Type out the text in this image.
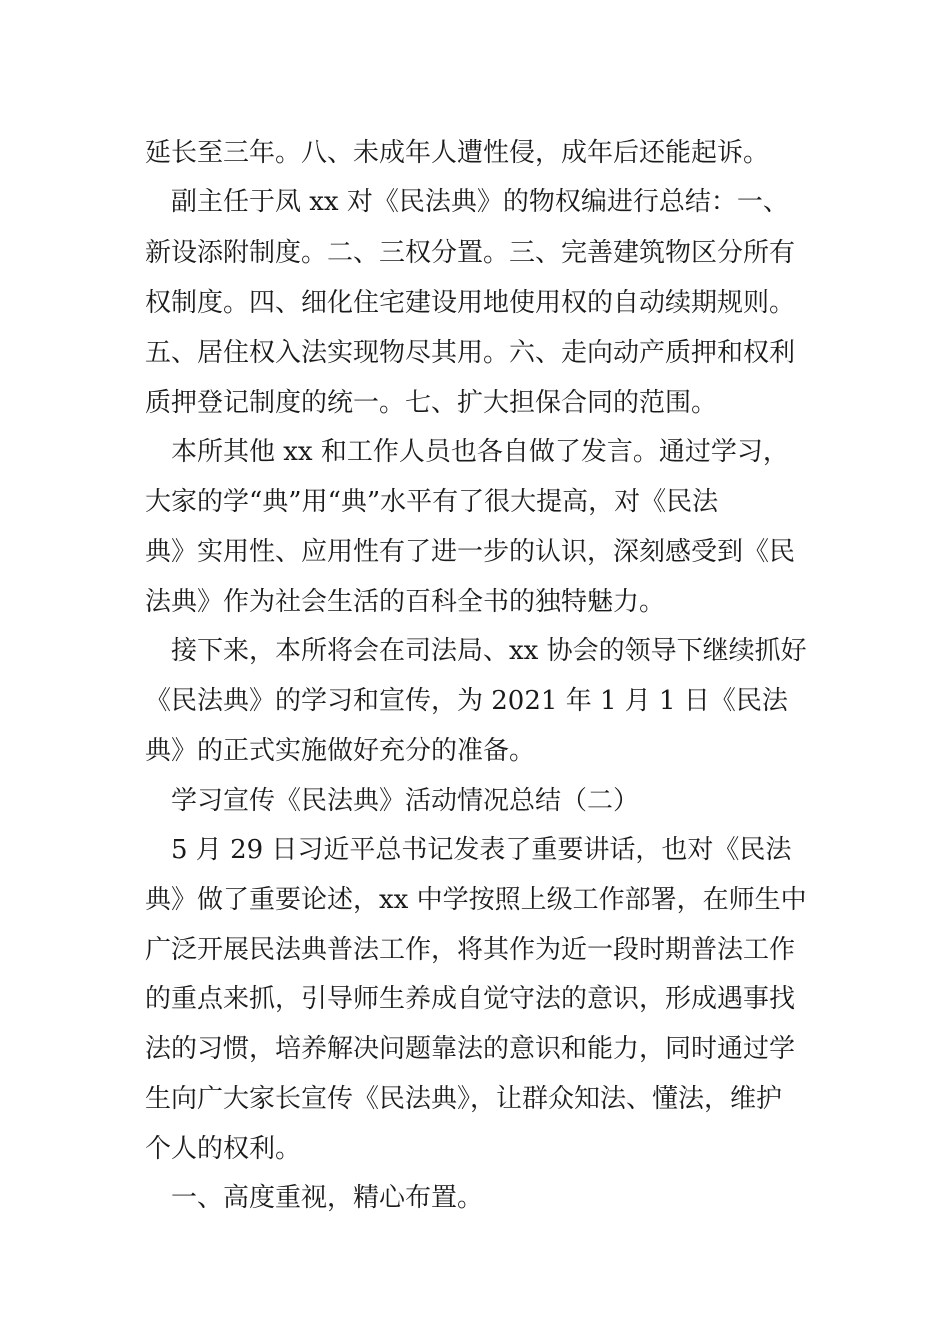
延长至三年。八、未成年人遭性侵，成年后还能起诉。
　副主任于凤 xx 对《民法典》的物权编进行总结：一、
新设添附制度。二、三权分置。三、完善建筑物区分所有
权制度。四、细化住宅建设用地使用权的自动续期规则。
五、居住权入法实现物尽其用。六、走向动产质押和权利
质押登记制度的统一。七、扩大担保合同的范围。
　本所其他 xx 和工作人员也各自做了发言。通过学习，
大家的学“典”用“典”水平有了很大提高，对《民法
典》实用性、应用性有了进一步的认识，深刻感受到《民
法典》作为社会生活的百科全书的独特魅力。
　接下来，本所将会在司法局、xx 协会的领导下继续抓好
《民法典》的学习和宣传，为 2021 年 1 月 1 日《民法
典》的正式实施做好充分的准备。
　学习宣传《民法典》活动情况总结（二）
　5 月 29 日习近平总书记发表了重要讲话，也对《民法
典》做了重要论述，xx 中学按照上级工作部署，在师生中
广泛开展民法典普法工作，将其作为近一段时期普法工作
的重点来抓，引导师生养成自觉守法的意识，形成遇事找
法的习惯，培养解决问题靠法的意识和能力，同时通过学
生向广大家长宣传《民法典》，让群众知法、懂法，维护
个人的权利。
　一、高度重视，精心布置。
